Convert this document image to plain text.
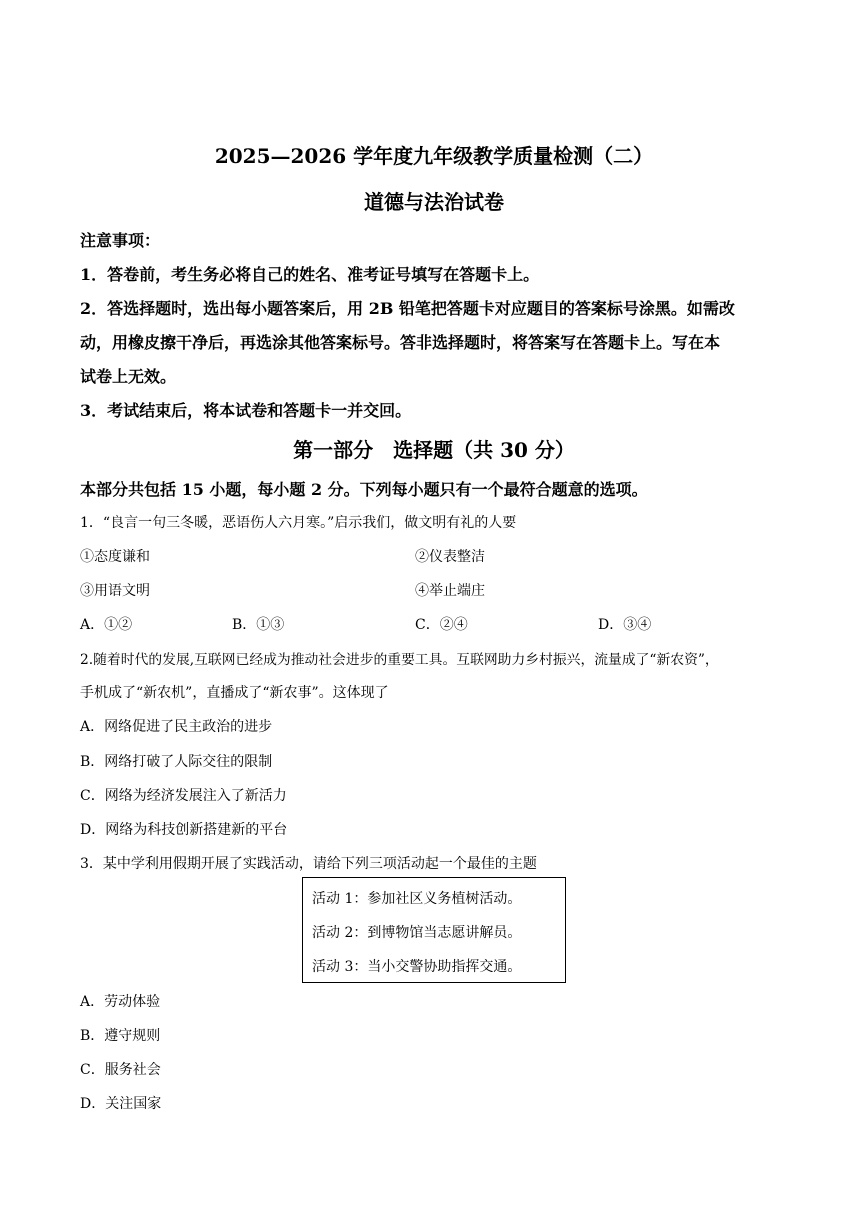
2025—2026 学年度九年级教学质量检测（二）
道德与法治试卷
注意事项：
1．答卷前，考生务必将自己的姓名、准考证号填写在答题卡上。
2．答选择题时，选出每小题答案后，用 2B 铅笔把答题卡对应题目的答案标号涂黑。如需改
动，用橡皮擦干净后，再选涂其他答案标号。答非选择题时，将答案写在答题卡上。写在本
试卷上无效。
3．考试结束后，将本试卷和答题卡一并交回。
第一部分　选择题（共 30 分）
本部分共包括 15 小题，每小题 2 分。下列每小题只有一个最符合题意的选项。
1．“良言一句三冬暖，恶语伤人六月寒。”启示我们，做文明有礼的人要
①态度谦和	②仪表整洁
③用语文明	④举止端庄
A．①②	B．①③	C．②④	D．③④
2.随着时代的发展,互联网已经成为推动社会进步的重要工具。互联网助力乡村振兴，流量成了“新农资”，
手机成了“新农机”，直播成了“新农事”。这体现了
A．网络促进了民主政治的进步
B．网络打破了人际交往的限制
C．网络为经济发展注入了新活力
D．网络为科技创新搭建新的平台
3．某中学利用假期开展了实践活动，请给下列三项活动起一个最佳的主题
活动 1：参加社区义务植树活动。
活动 2：到博物馆当志愿讲解员。
活动 3：当小交警协助指挥交通。
A．劳动体验
B．遵守规则
C．服务社会
D．关注国家
